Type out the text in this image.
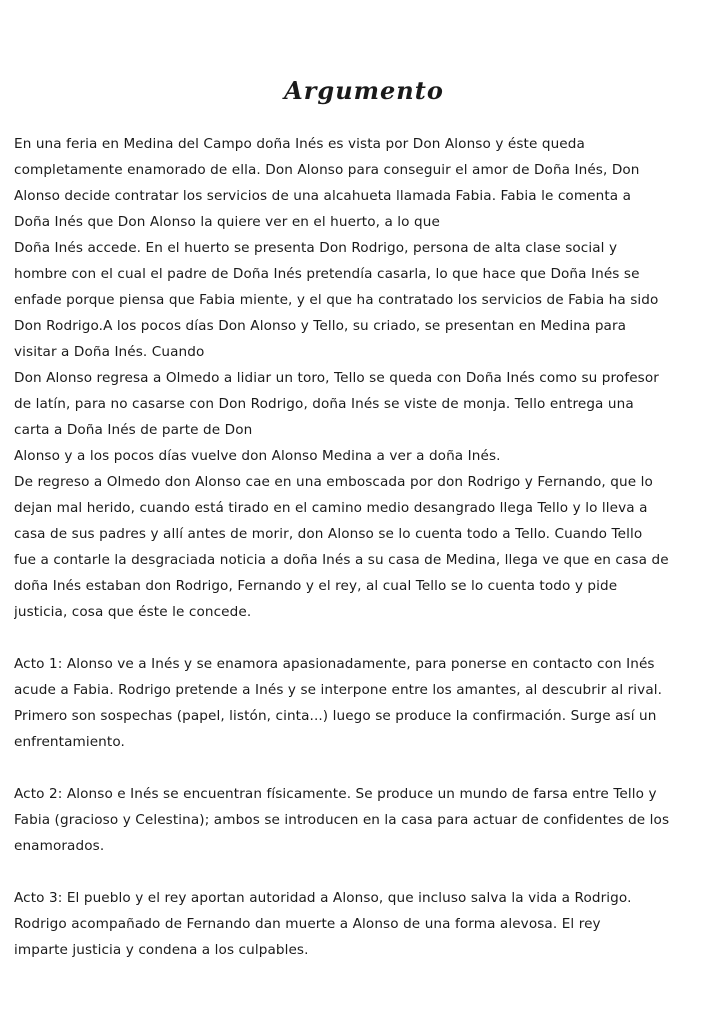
Argumento
En una feria en Medina del Campo doña Inés es vista por Don Alonso y éste queda
completamente enamorado de ella. Don Alonso para conseguir el amor de Doña Inés, Don
Alonso decide contratar los servicios de una alcahueta llamada Fabia. Fabia le comenta a
Doña Inés que Don Alonso la quiere ver en el huerto, a lo que
Doña Inés accede. En el huerto se presenta Don Rodrigo, persona de alta clase social y
hombre con el cual el padre de Doña Inés pretendía casarla, lo que hace que Doña Inés se
enfade porque piensa que Fabia miente, y el que ha contratado los servicios de Fabia ha sido
Don Rodrigo.A los pocos días Don Alonso y Tello, su criado, se presentan en Medina para
visitar a Doña Inés. Cuando
Don Alonso regresa a Olmedo a lidiar un toro, Tello se queda con Doña Inés como su profesor
de latín, para no casarse con Don Rodrigo, doña Inés se viste de monja. Tello entrega una
carta a Doña Inés de parte de Don
Alonso y a los pocos días vuelve don Alonso Medina a ver a doña Inés.
De regreso a Olmedo don Alonso cae en una emboscada por don Rodrigo y Fernando, que lo
dejan mal herido, cuando está tirado en el camino medio desangrado llega Tello y lo lleva a
casa de sus padres y allí antes de morir, don Alonso se lo cuenta todo a Tello. Cuando Tello
fue a contarle la desgraciada noticia a doña Inés a su casa de Medina, llega ve que en casa de
doña Inés estaban don Rodrigo, Fernando y el rey, al cual Tello se lo cuenta todo y pide
justicia, cosa que éste le concede.
Acto 1: Alonso ve a Inés y se enamora apasionadamente, para ponerse en contacto con Inés
acude a Fabia. Rodrigo pretende a Inés y se interpone entre los amantes, al descubrir al rival.
Primero son sospechas (papel, listón, cinta...) luego se produce la confirmación. Surge así un
enfrentamiento.
Acto 2: Alonso e Inés se encuentran físicamente. Se produce un mundo de farsa entre Tello y
Fabia (gracioso y Celestina); ambos se introducen en la casa para actuar de confidentes de los
enamorados.
Acto 3: El pueblo y el rey aportan autoridad a Alonso, que incluso salva la vida a Rodrigo.
Rodrigo acompañado de Fernando dan muerte a Alonso de una forma alevosa. El rey
imparte justicia y condena a los culpables.
